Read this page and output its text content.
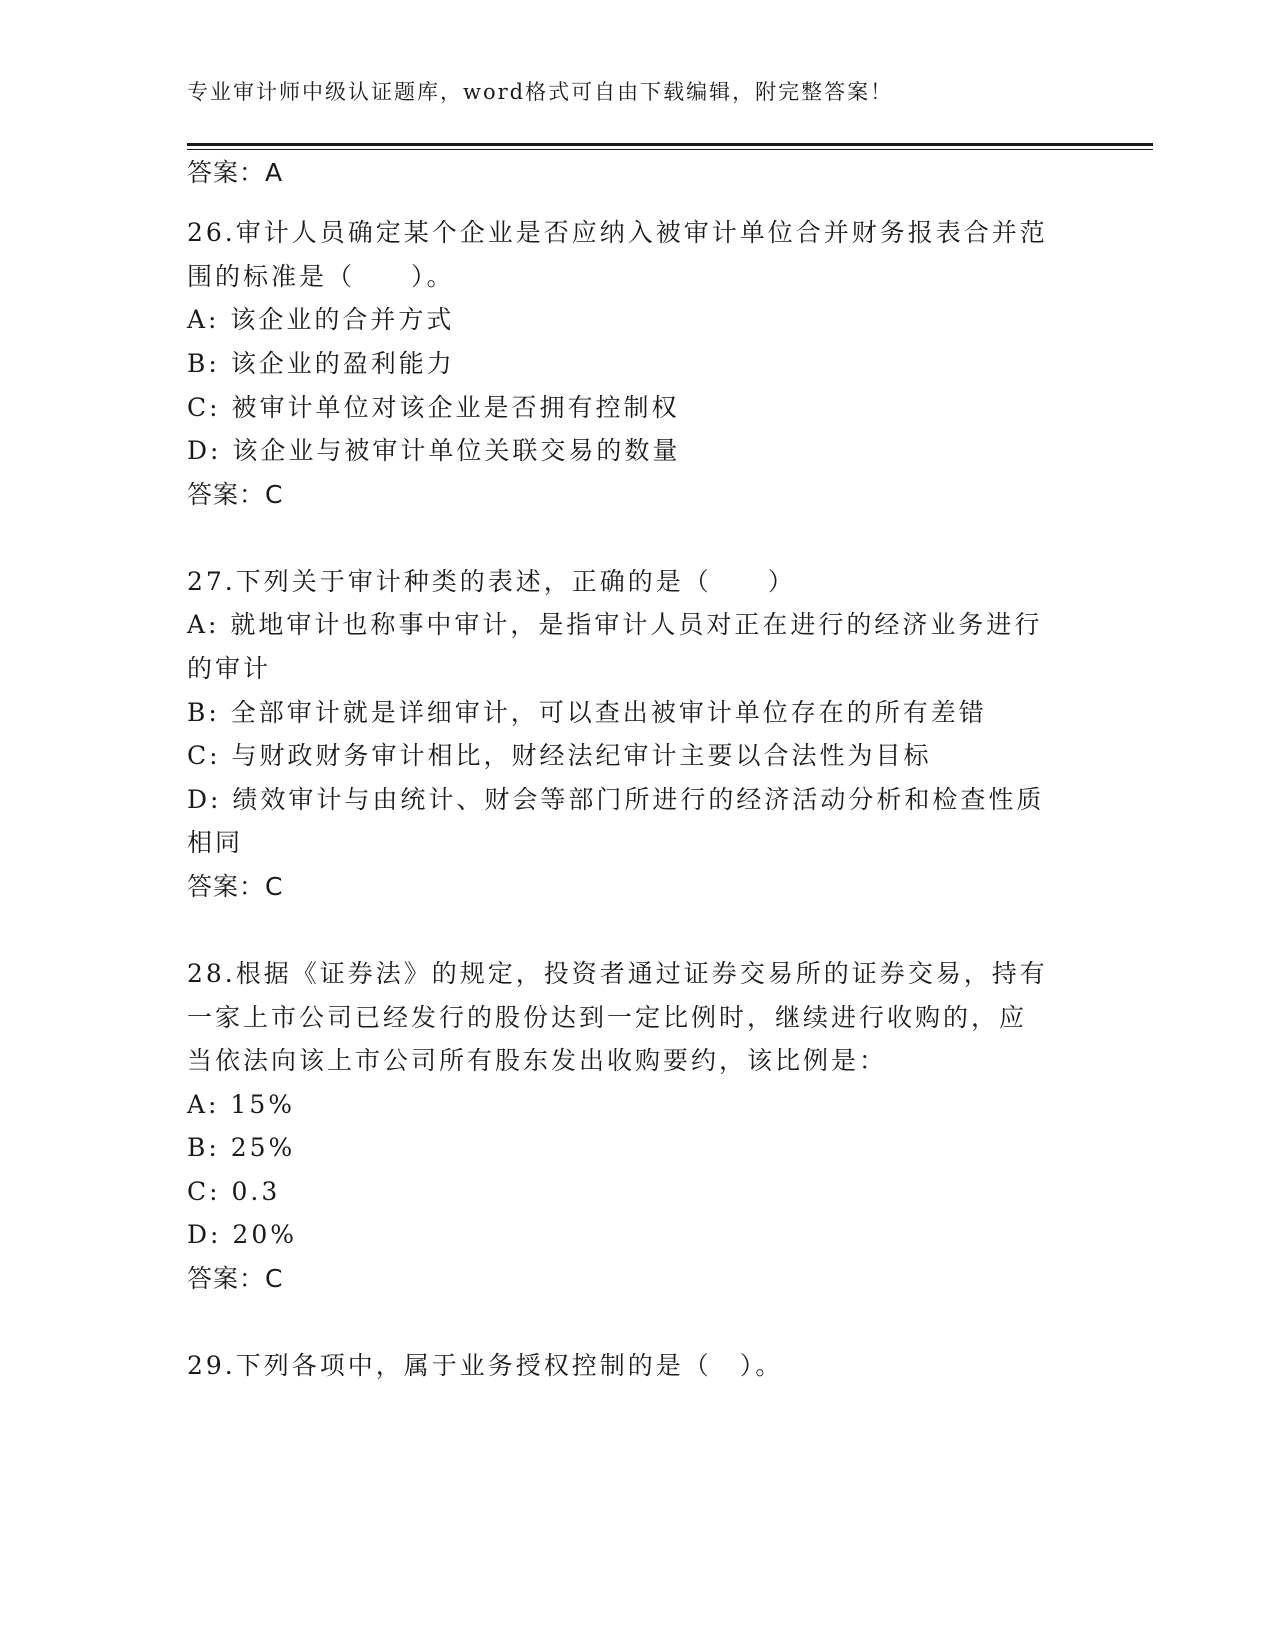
专业审计师中级认证题库，word格式可自由下载编辑，附完整答案！
答案：A
26.审计人员确定某个企业是否应纳入被审计单位合并财务报表合并范
围的标准是（　　）。
A: 该企业的合并方式
B: 该企业的盈利能力
C: 被审计单位对该企业是否拥有控制权
D: 该企业与被审计单位关联交易的数量
答案：C
27.下列关于审计种类的表述，正确的是（　　）
A: 就地审计也称事中审计，是指审计人员对正在进行的经济业务进行
的审计
B: 全部审计就是详细审计，可以查出被审计单位存在的所有差错
C: 与财政财务审计相比，财经法纪审计主要以合法性为目标
D: 绩效审计与由统计、财会等部门所进行的经济活动分析和检查性质
相同
答案：C
28.根据《证券法》的规定，投资者通过证券交易所的证券交易，持有
一家上市公司已经发行的股份达到一定比例时，继续进行收购的，应
当依法向该上市公司所有股东发出收购要约，该比例是：
A: 15%
B: 25%
C: 0.3
D: 20%
答案：C
29.下列各项中，属于业务授权控制的是（　）。
